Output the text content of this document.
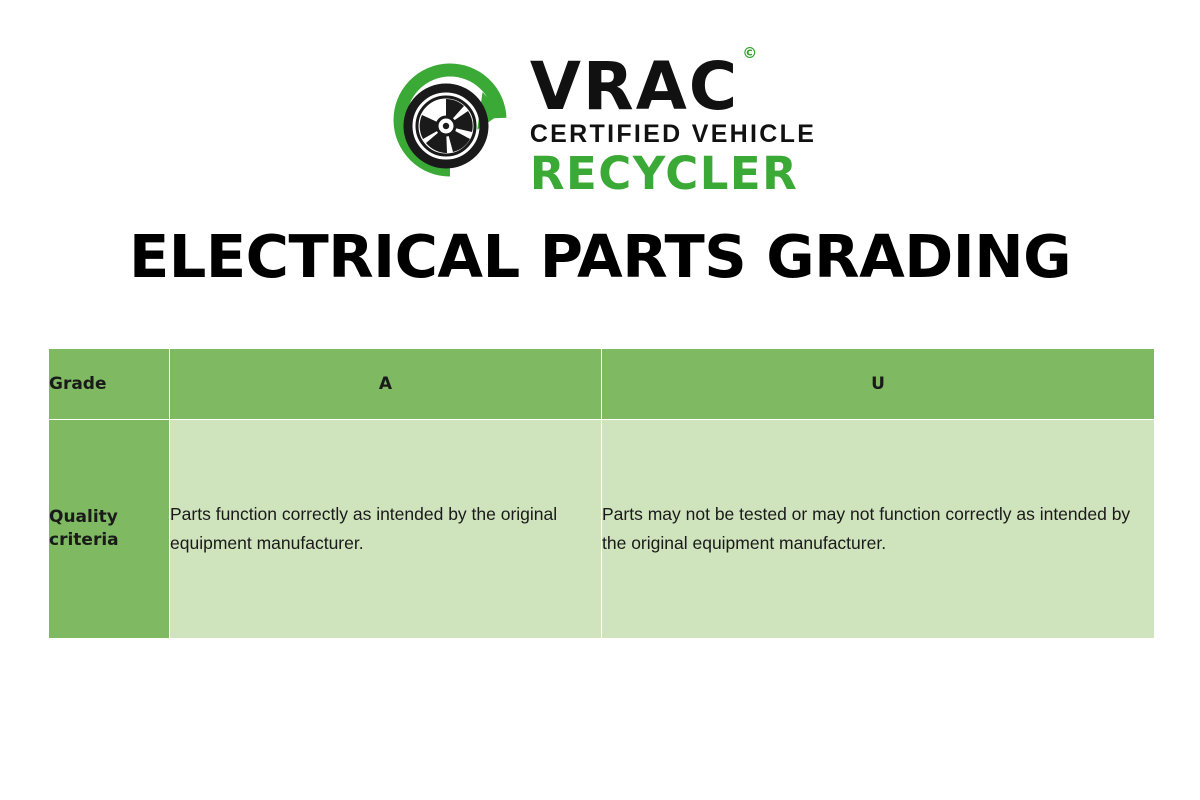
VRAC ©
CERTIFIED VEHICLE
RECYCLER
ELECTRICAL PARTS GRADING
Grade	A	U
Quality criteria	Parts function correctly as intended by the original equipment manufacturer.	Parts may not be tested or may not function correctly as intended by the original equipment manufacturer.
